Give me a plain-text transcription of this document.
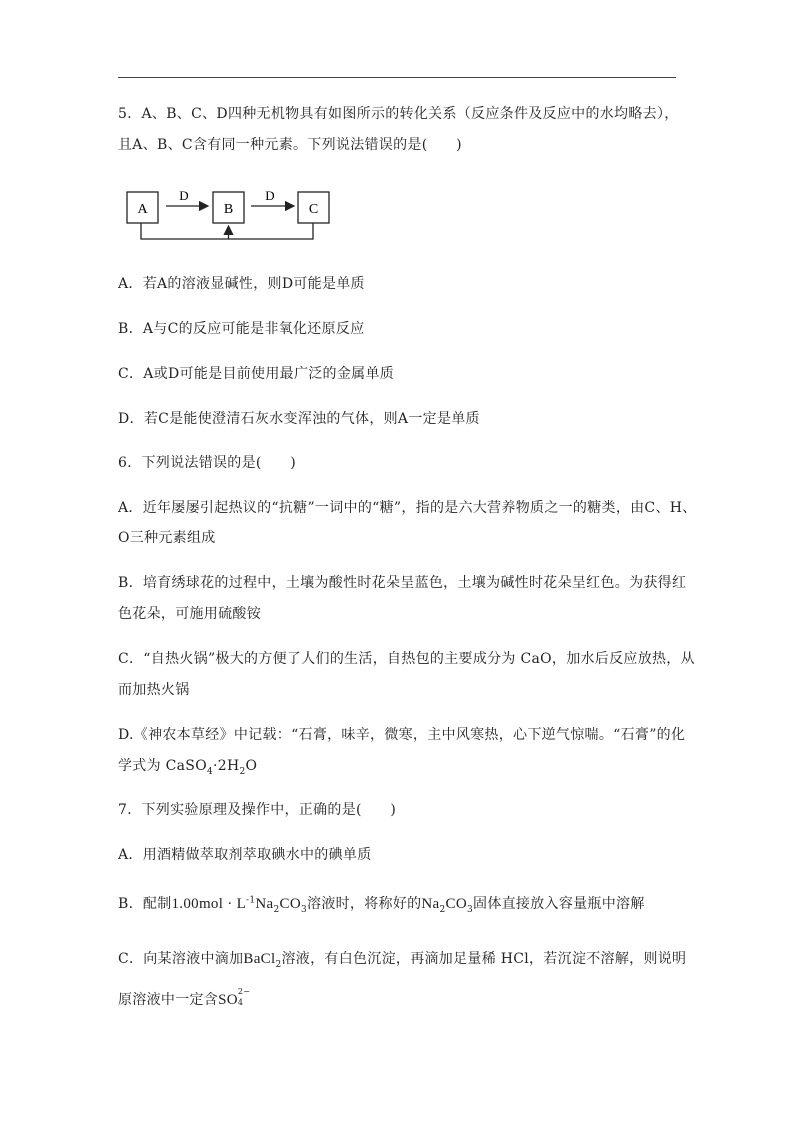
5．A、B、C、D四种无机物具有如图所示的转化关系（反应条件及反应中的水均略去），
且A、B、C含有同一种元素。下列说法错误的是(　　)
A
D
B
D
C
A．若A的溶液显碱性，则D可能是单质
B．A与C的反应可能是非氧化还原反应
C．A或D可能是目前使用最广泛的金属单质
D．若C是能使澄清石灰水变浑浊的气体，则A一定是单质
6．下列说法错误的是(　　)
A．近年屡屡引起热议的“抗糖”一词中的“糖”，指的是六大营养物质之一的糖类，由C、H、
O三种元素组成
B．培育绣球花的过程中，土壤为酸性时花朵呈蓝色，土壤为碱性时花朵呈红色。为获得红
色花朵，可施用硫酸铵
C．“自热火锅”极大的方便了人们的生活，自热包的主要成分为 CaO，加水后反应放热，从
而加热火锅
D.《神农本草经》中记载：“石膏，味辛，微寒，主中风寒热，心下逆气惊喘。“石膏”的化
学式为 $CaSO_4\cdot 2H_2O$
7．下列实验原理及操作中，正确的是(　　)
A．用酒精做萃取剂萃取碘水中的碘单质
B．配制$1.00mol \cdot L^{-1}Na_2CO_3$溶液时，将称好的$Na_2CO_3$固体直接放入容量瓶中溶解
C．向某溶液中滴加BaCl$_2$溶液，有白色沉淀，再滴加足量稀 HCl，若沉淀不溶解，则说明
原溶液中一定含SO
2−
4
